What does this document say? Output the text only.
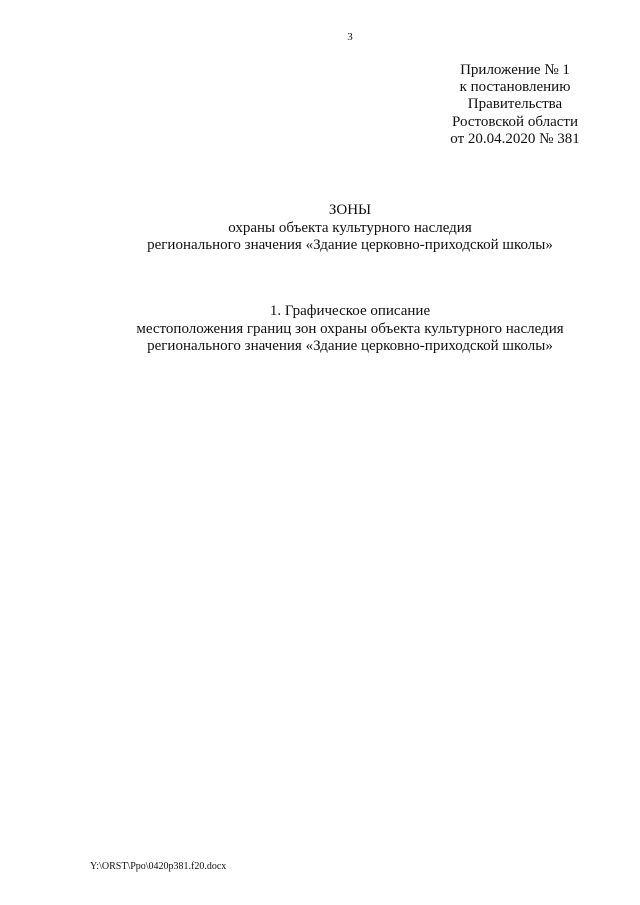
3
Приложение № 1
к постановлению
Правительства
Ростовской области
от 20.04.2020 № 381
ЗОНЫ
охраны объекта культурного наследия
регионального значения «Здание церковно-приходской школы»
1. Графическое описание
местоположения границ зон охраны объекта культурного наследия
регионального значения «Здание церковно-приходской школы»
Y:\ORST\Ppo\0420p381.f20.docx
